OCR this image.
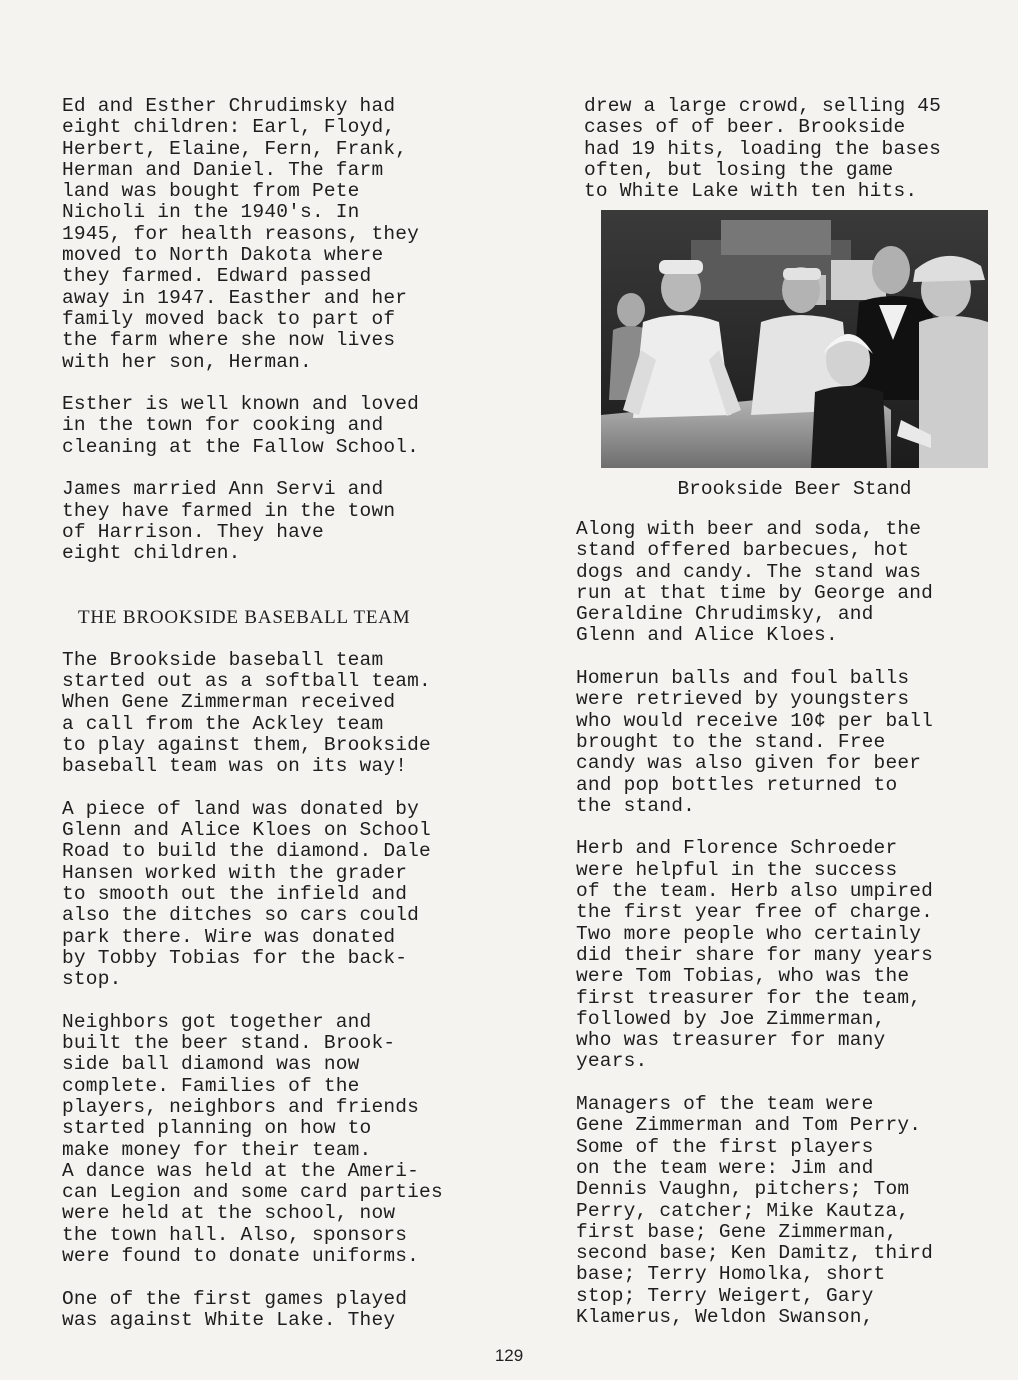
Ed and Esther Chrudimsky had
eight children: Earl, Floyd,
Herbert, Elaine, Fern, Frank,
Herman and Daniel. The farm
land was bought from Pete
Nicholi in the 1940's. In
1945, for health reasons, they
moved to North Dakota where
they farmed. Edward passed
away in 1947. Easther and her
family moved back to part of
the farm where she now lives
with her son, Herman.
Esther is well known and loved
in the town for cooking and
cleaning at the Fallow School.
James married Ann Servi and
they have farmed in the town
of Harrison. They have
eight children.
THE BROOKSIDE BASEBALL TEAM
The Brookside baseball team
started out as a softball team.
When Gene Zimmerman received
a call from the Ackley team
to play against them, Brookside
baseball team was on its way!
A piece of land was donated by
Glenn and Alice Kloes on School
Road to build the diamond. Dale
Hansen worked with the grader
to smooth out the infield and
also the ditches so cars could
park there. Wire was donated
by Tobby Tobias for the back-
stop.
Neighbors got together and
built the beer stand. Brook-
side ball diamond was now
complete. Families of the
players, neighbors and friends
started planning on how to
make money for their team.
A dance was held at the Ameri-
can Legion and some card parties
were held at the school, now
the town hall. Also, sponsors
were found to donate uniforms.
One of the first games played
was against White Lake. They
drew a large crowd, selling 45
cases of of beer. Brookside
had 19 hits, loading the bases
often, but losing the game
to White Lake with ten hits.
Brookside Beer Stand
Along with beer and soda, the
stand offered barbecues, hot
dogs and candy. The stand was
run at that time by George and
Geraldine Chrudimsky, and
Glenn and Alice Kloes.
Homerun balls and foul balls
were retrieved by youngsters
who would receive 10¢ per ball
brought to the stand. Free
candy was also given for beer
and pop bottles returned to
the stand.
Herb and Florence Schroeder
were helpful in the success
of the team. Herb also umpired
the first year free of charge.
Two more people who certainly
did their share for many years
were Tom Tobias, who was the
first treasurer for the team,
followed by Joe Zimmerman,
who was treasurer for many
years.
Managers of the team were
Gene Zimmerman and Tom Perry.
Some of the first players
on the team were: Jim and
Dennis Vaughn, pitchers; Tom
Perry, catcher; Mike Kautza,
first base; Gene Zimmerman,
second base; Ken Damitz, third
base; Terry Homolka, short
stop; Terry Weigert, Gary
Klamerus, Weldon Swanson,
129
